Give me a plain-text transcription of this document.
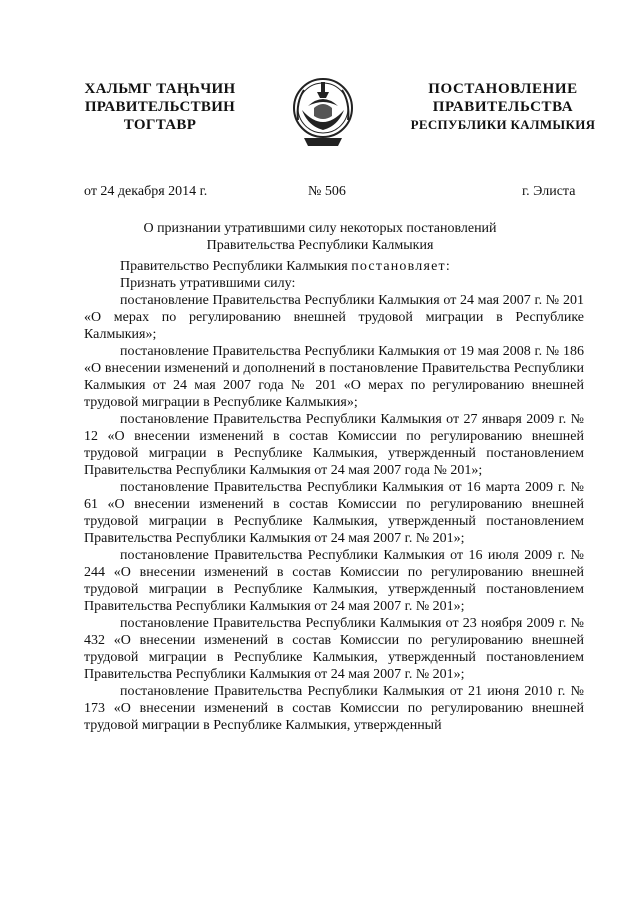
ХАЛЬМГ ТАҢҺЧИН
ПРАВИТЕЛЬСТВИН
ТОГТАВР
ПОСТАНОВЛЕНИЕ
ПРАВИТЕЛЬСТВА
РЕСПУБЛИКИ КАЛМЫКИЯ
от 24 декабря 2014 г.	№ 506	г. Элиста
О признании утратившими силу некоторых постановлений
Правительства Республики Калмыкия

Правительство Республики Калмыкия постановляет:

Признать утратившими силу:

постановление Правительства Республики Калмыкия от 24 мая 2007 г. № 201 «О мерах по регулированию внешней трудовой миграции в Республике Калмыкия»;

постановление Правительства Республики Калмыкия от 19 мая 2008 г. № 186 «О внесении изменений и дополнений в постановление Правительства Республики Калмыкия от 24 мая 2007 года № 201 «О мерах по регулированию внешней трудовой миграции в Республике Калмыкия»;

постановление Правительства Республики Калмыкия от 27 января 2009 г. № 12 «О внесении изменений в состав Комиссии по регулированию внешней трудовой миграции в Республике Калмыкия, утвержденный постановлением Правительства Республики Калмыкия от 24 мая 2007 года № 201»;

постановление Правительства Республики Калмыкия от 16 марта 2009 г. № 61 «О внесении изменений в состав Комиссии по регулированию внешней трудовой миграции в Республике Калмыкия, утвержденный постановлением Правительства Республики Калмыкия от 24 мая 2007 г. № 201»;

постановление Правительства Республики Калмыкия от 16 июля 2009 г. № 244 «О внесении изменений в состав Комиссии по регулированию внешней трудовой миграции в Республике Калмыкия, утвержденный постановлением Правительства Республики Калмыкия от 24 мая 2007 г. № 201»;

постановление Правительства Республики Калмыкия от 23 ноября 2009 г. № 432 «О внесении изменений в состав Комиссии по регулированию внешней трудовой миграции в Республике Калмыкия, утвержденный постановлением Правительства Республики Калмыкия от 24 мая 2007 г. № 201»;

постановление Правительства Республики Калмыкия от 21 июня 2010 г. № 173 «О внесении изменений в состав Комиссии по регулированию внешней трудовой миграции в Республике Калмыкия, утвержденный
